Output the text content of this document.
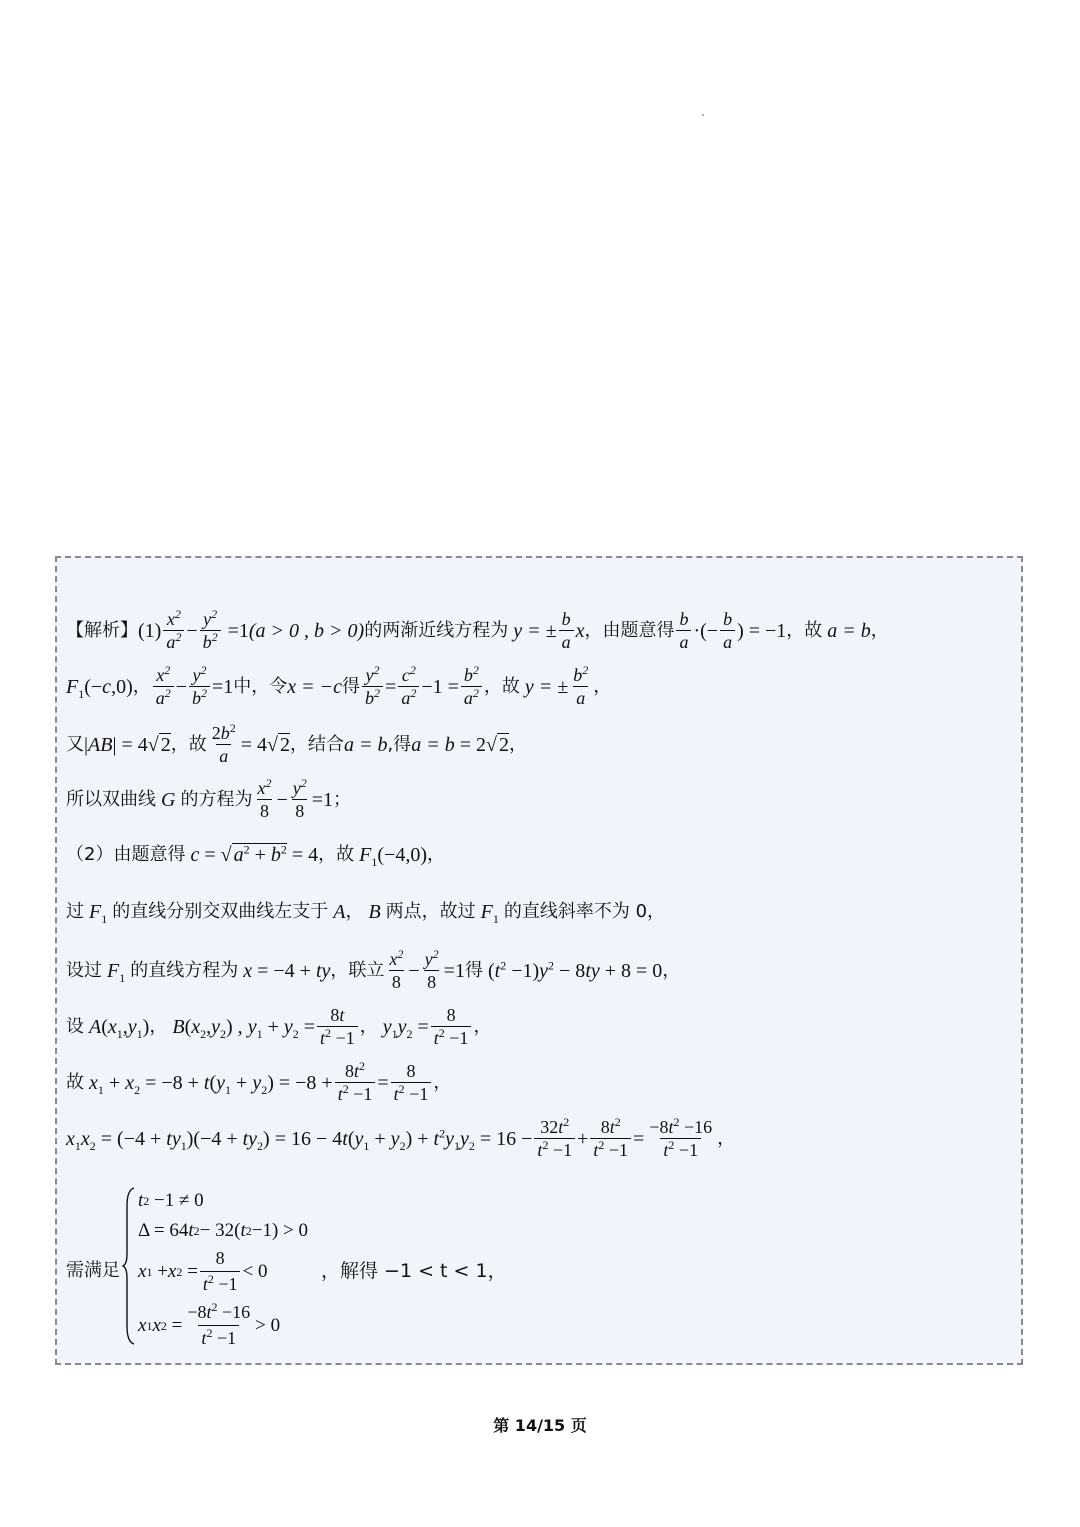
【解析】 $(1) \frac{x^2}{a^2} - \frac{y^2}{b^2} =1$ (a > 0 , b > 0) 的两渐近线方程为 y = ± $\frac{b}{a}$ x ，由题意得 $\frac{b}{a}$ ·(− $\frac{b}{a}$ ) = −1 ，故 a = b ，
$F_1(-c,0)$ ， $\frac{x^2}{a^2} - \frac{y^2}{b^2} =1$ 中，令 x = −c 得 $\frac{y^2}{b^2} = \frac{c^2}{a^2} -1 = \frac{b^2}{a^2}$ ，故 y = ± $\frac{b^2}{a}$ ，
又 |AB| = 4√ 2 ，故 $\frac{2b^2}{a} = 4√$ 2 ，结合 a = b ,得 a = b = 2√ 2 ，
所以双曲线 G 的方程为 $\frac{x^2}{8} - \frac{y^2}{8} =1$ ；
（2）由题意得 c = √ $a^2 + b^2 = 4$ ，故 $F_1(-4,0)$ ，
过 $F_1$ 的直线分别交双曲线左支于 A ， B 两点，故过 $F_1$ 的直线斜率不为 0，
设过 $F_1$ 的直线方程为 x = −4 + ty ，联立 $\frac{x^2}{8} - \frac{y^2}{8} =1$ 得 $(t^2 -1)y^2 - 8ty + 8 = 0$ ，
设 $A(x_1,y_1)$ ， $B(x_2,y_2)$ , $y_1 + y_2 = \frac{8t}{t^2 -1}$ ， $y_1y_2 = \frac{8}{t^2 -1}$ ，
故 $x_1 + x_2 = -8 + t(y_1 + y_2) = -8 + \frac{8t^2}{t^2 -1} = \frac{8}{t^2 -1}$ ，
$x_1x_2 = (-4 + ty_1)(-4 + ty_2) = 16 - 4t(y_1 + y_2) + t^2y_1y_2 = 16 - \frac{32t^2}{t^2 -1} + \frac{8t^2}{t^2 -1} = \frac{-8t^2 -16}{t^2 -1}$ ，
需满足
t 2 −1 ≠ 0
Δ = 64 t 2 − 32( t 2 −1) > 0
x 1 + x $2 = \frac{8}{t^2 -1} < 0$
x 1 x $2 = \frac{-8t^2 -16}{t^2 -1} > 0$
，解得 −1 < t < 1，
第 14/15 页
